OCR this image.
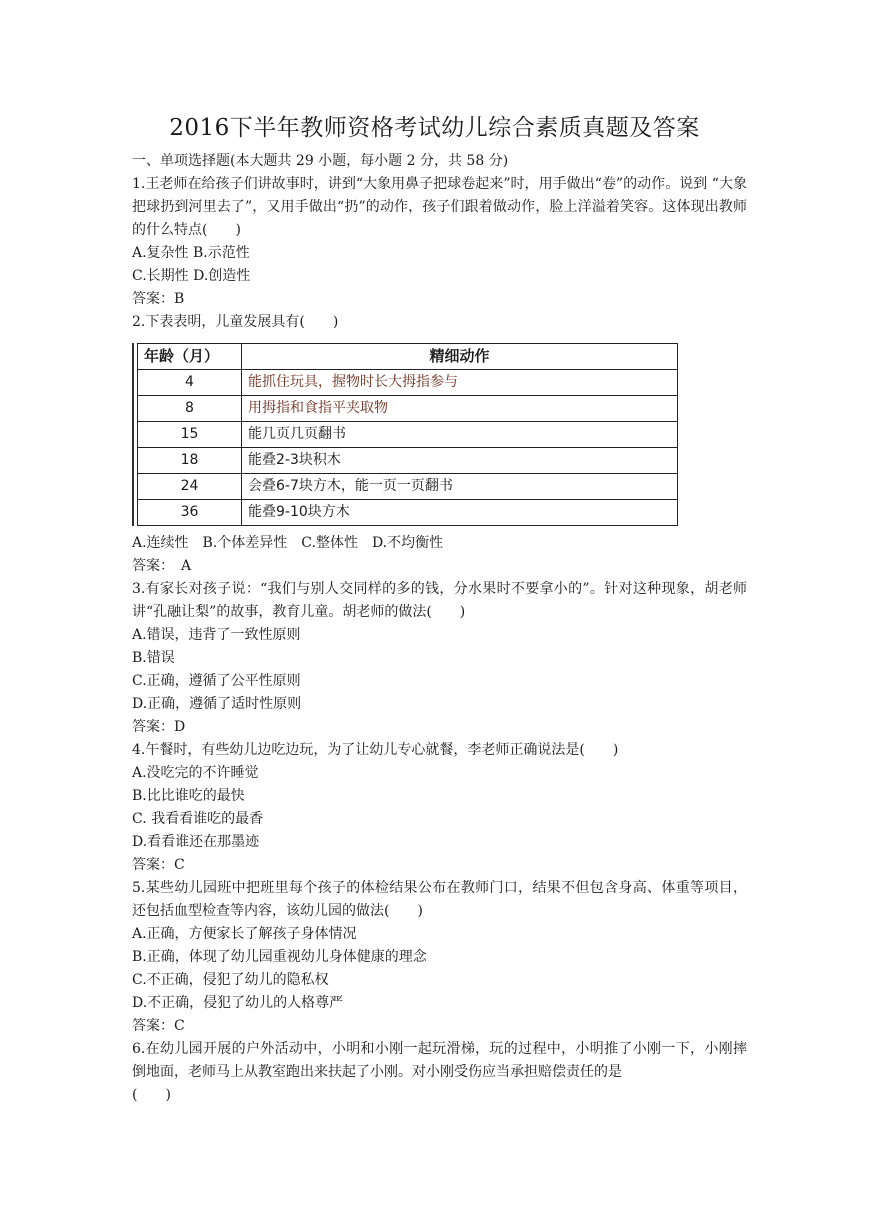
2016下半年教师资格考试幼儿综合素质真题及答案
一、单项选择题(本大题共 29 小题，每小题 2 分，共 58 分)
1.王老师在给孩子们讲故事时，讲到“大象用鼻子把球卷起来”时，用手做出“卷”的动作。说到 “大象把球扔到河里去了”，又用手做出“扔”的动作，孩子们跟着做动作，脸上洋溢着笑容。这体现出教师的什么特点(　　)
A.复杂性 B.示范性
C.长期性 D.创造性
答案：B
2.下表表明，儿童发展具有(　　)
年龄（月）	精细动作
4	能抓住玩具，握物时长大拇指参与
8	用拇指和食指平夹取物
15	能几页几页翻书
18	能叠2-3块积木
24	会叠6-7块方木，能一页一页翻书
36	能叠9-10块方木
A.连续性　B.个体差异性　C.整体性　D.不均衡性
答案：　A
3.有家长对孩子说：“我们与别人交同样的多的钱，分水果时不要拿小的”。针对这种现象，胡老师讲“孔融让梨”的故事，教育儿童。胡老师的做法(　　)
A.错误，违背了一致性原则
B.错误
C.正确，遵循了公平性原则
D.正确，遵循了适时性原则
答案：D
4.午餐时，有些幼儿边吃边玩，为了让幼儿专心就餐，李老师正确说法是(　　)
A.没吃完的不许睡觉
B.比比谁吃的最快
C. 我看看谁吃的最香
D.看看谁还在那墨迹
答案：C
5.某些幼儿园班中把班里每个孩子的体检结果公布在教师门口，结果不但包含身高、体重等项目，还包括血型检查等内容，该幼儿园的做法(　　)
A.正确，方便家长了解孩子身体情况
B.正确，体现了幼儿园重视幼儿身体健康的理念
C.不正确，侵犯了幼儿的隐私权
D.不正确，侵犯了幼儿的人格尊严
答案：C
6.在幼儿园开展的户外活动中，小明和小刚一起玩滑梯，玩的过程中，小明推了小刚一下，小刚摔倒地面，老师马上从教室跑出来扶起了小刚。对小刚受伤应当承担赔偿责任的是
(　　)
